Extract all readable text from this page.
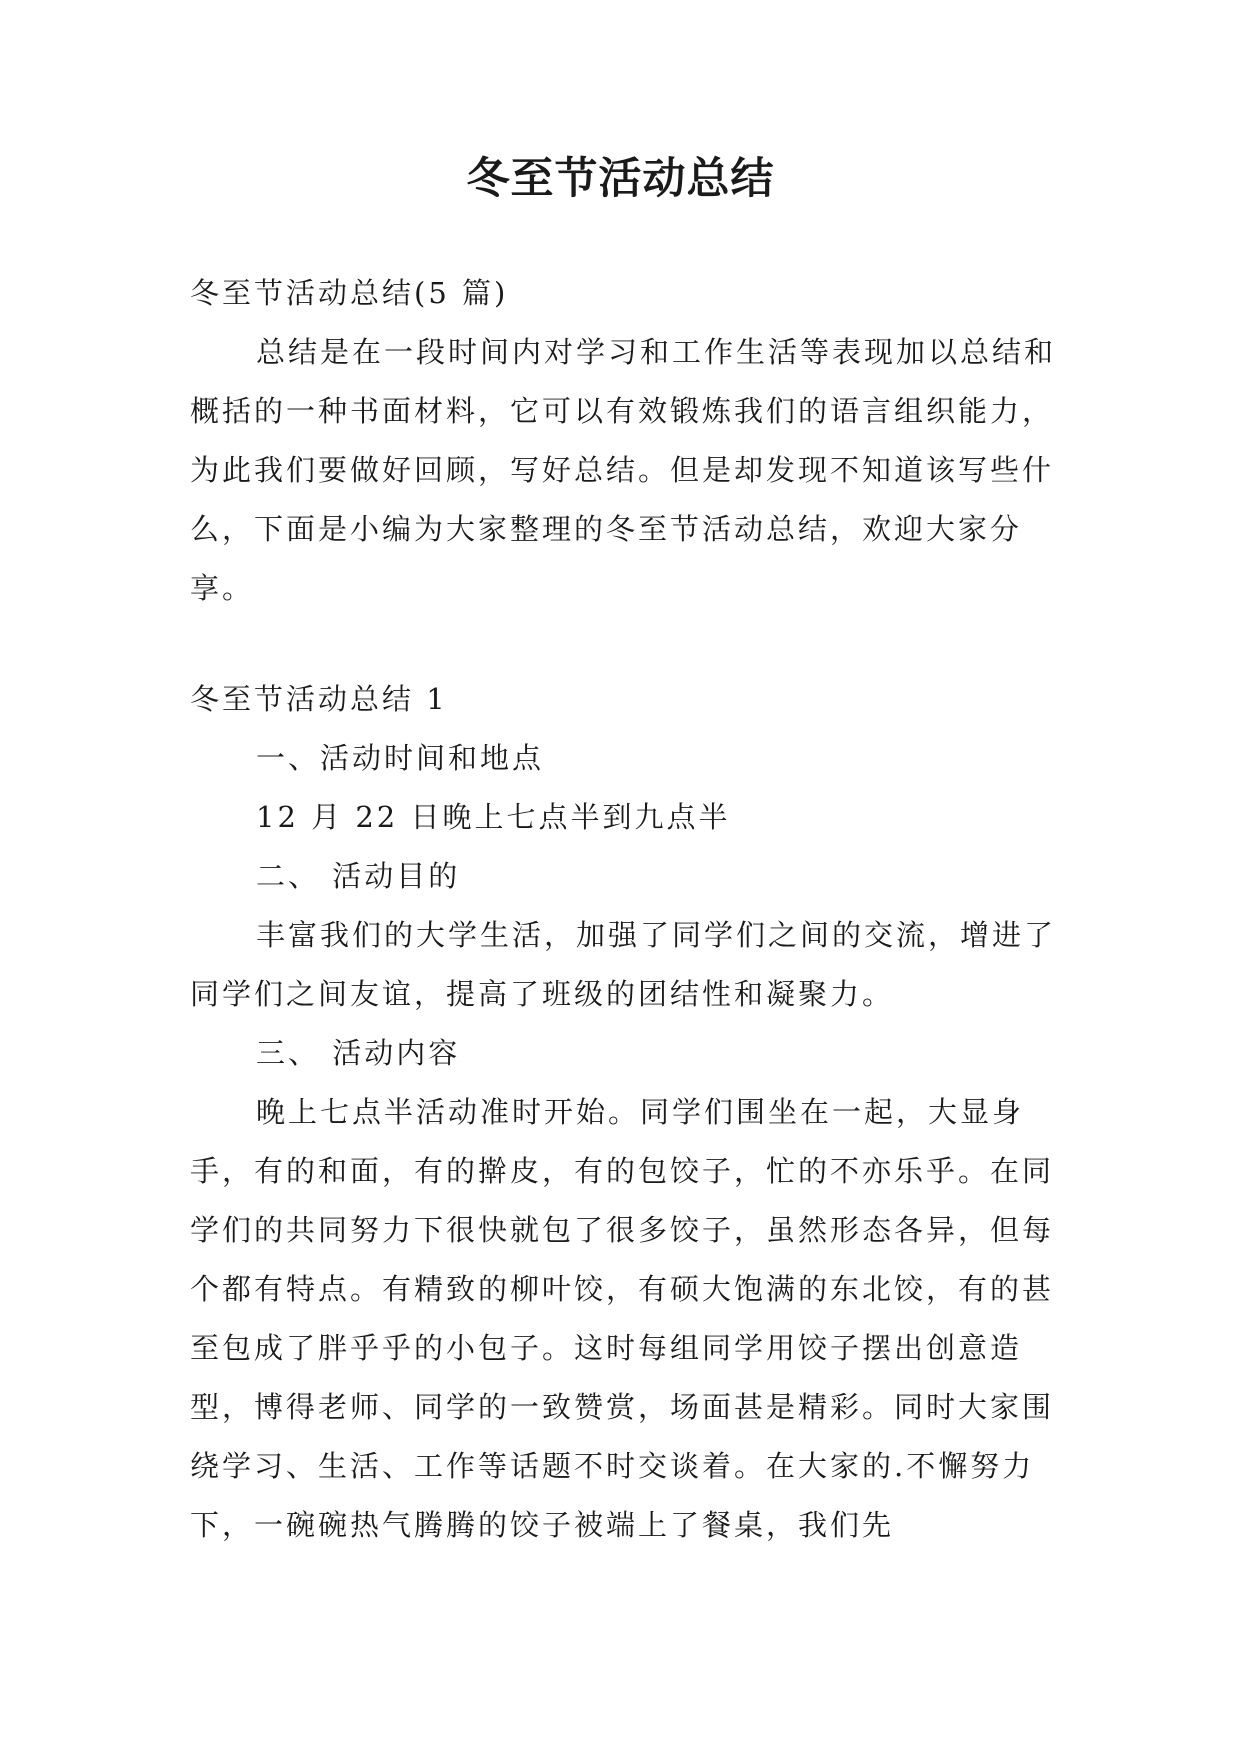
冬至节活动总结

冬至节活动总结(5 篇)

总结是在一段时间内对学习和工作生活等表现加以总结和概括的一种书面材料，它可以有效锻炼我们的语言组织能力，为此我们要做好回顾，写好总结。但是却发现不知道该写些什么，下面是小编为大家整理的冬至节活动总结，欢迎大家分享。

冬至节活动总结 1

一、活动时间和地点

12 月 22 日晚上七点半到九点半

二、 活动目的

丰富我们的大学生活，加强了同学们之间的交流，增进了同学们之间友谊，提高了班级的团结性和凝聚力。

三、 活动内容

晚上七点半活动准时开始。同学们围坐在一起，大显身手，有的和面，有的擀皮，有的包饺子，忙的不亦乐乎。在同学们的共同努力下很快就包了很多饺子，虽然形态各异，但每个都有特点。有精致的柳叶饺，有硕大饱满的东北饺，有的甚至包成了胖乎乎的小包子。这时每组同学用饺子摆出创意造型，博得老师、同学的一致赞赏，场面甚是精彩。同时大家围绕学习、生活、工作等话题不时交谈着。在大家的.不懈努力下，一碗碗热气腾腾的饺子被端上了餐桌，我们先
